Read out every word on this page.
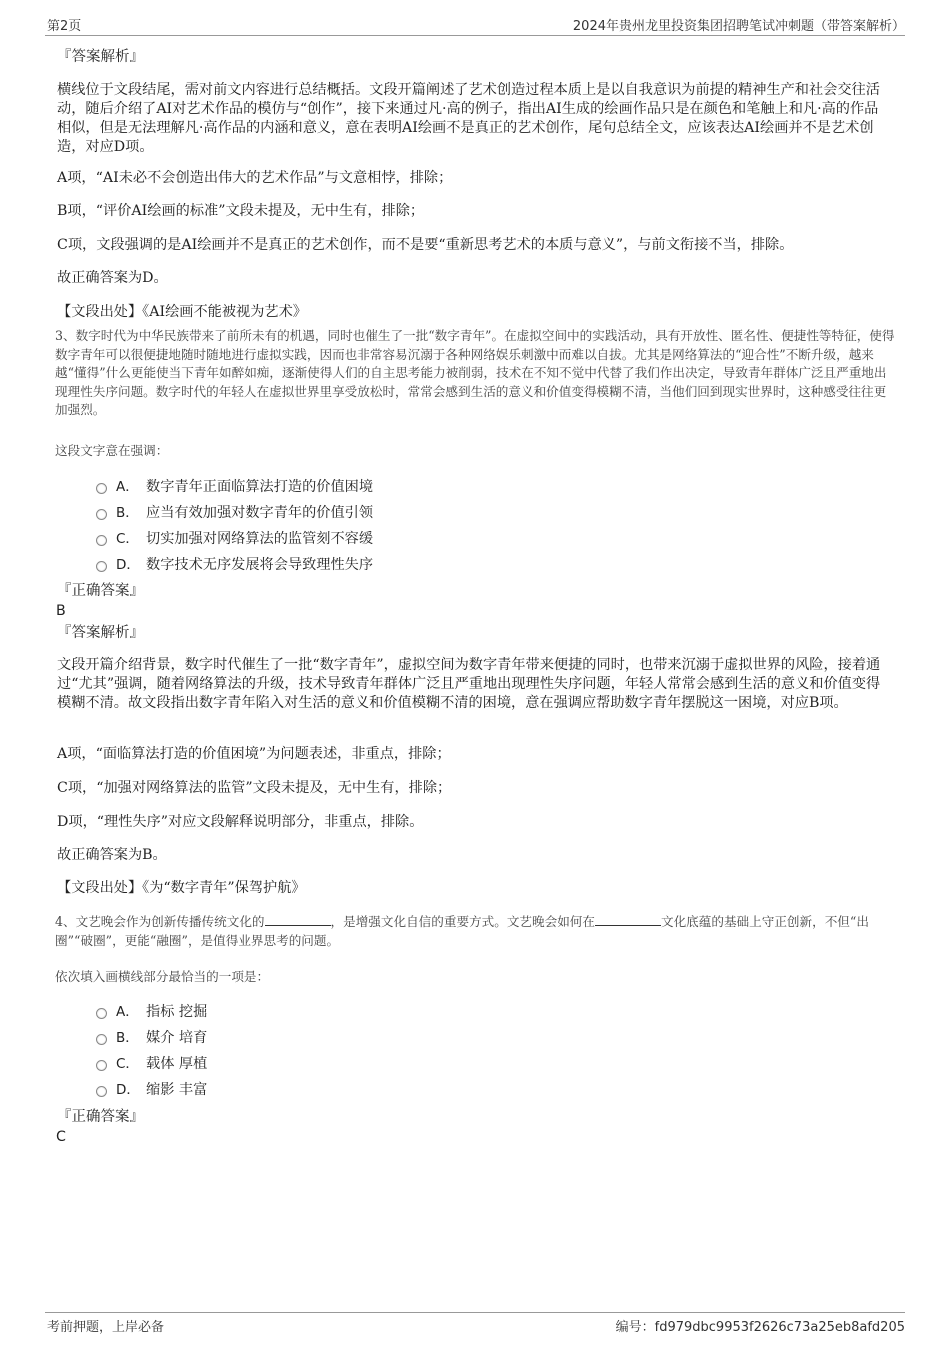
第2页	2024年贵州龙里投资集团招聘笔试冲刺题（带答案解析）
『答案解析』
横线位于文段结尾，需对前文内容进行总结概括。文段开篇阐述了艺术创造过程本质上是以自我意识为前提的精神生产和社会交往活动，随后介绍了AI对艺术作品的模仿与“创作”，接下来通过凡·高的例子，指出AI生成的绘画作品只是在颜色和笔触上和凡·高的作品相似，但是无法理解凡·高作品的内涵和意义，意在表明AI绘画不是真正的艺术创作，尾句总结全文，应该表达AI绘画并不是艺术创造，对应D项。
A项，“AI未必不会创造出伟大的艺术作品”与文意相悖，排除；
B项，“评价AI绘画的标准”文段未提及，无中生有，排除；
C项，文段强调的是AI绘画并不是真正的艺术创作，而不是要“重新思考艺术的本质与意义”，与前文衔接不当，排除。
故正确答案为D。
【文段出处】《AI绘画不能被视为艺术》
3、数字时代为中华民族带来了前所未有的机遇，同时也催生了一批“数字青年”。在虚拟空间中的实践活动，具有开放性、匿名性、便捷性等特征，使得数字青年可以很便捷地随时随地进行虚拟实践，因而也非常容易沉溺于各种网络娱乐刺激中而难以自拔。尤其是网络算法的“迎合性”不断升级，越来越“懂得”什么更能使当下青年如醉如痴，逐渐使得人们的自主思考能力被削弱，技术在不知不觉中代替了我们作出决定，导致青年群体广泛且严重地出现理性失序问题。数字时代的年轻人在虚拟世界里享受放松时，常常会感到生活的意义和价值变得模糊不清，当他们回到现实世界时，这种感受往往更加强烈。
这段文字意在强调：
A． 数字青年正面临算法打造的价值困境
B． 应当有效加强对数字青年的价值引领
C． 切实加强对网络算法的监管刻不容缓
D． 数字技术无序发展将会导致理性失序
『正确答案』
B
『答案解析』
文段开篇介绍背景，数字时代催生了一批“数字青年”，虚拟空间为数字青年带来便捷的同时，也带来沉溺于虚拟世界的风险，接着通过“尤其”强调，随着网络算法的升级，技术导致青年群体广泛且严重地出现理性失序问题，年轻人常常会感到生活的意义和价值变得模糊不清。故文段指出数字青年陷入对生活的意义和价值模糊不清的困境，意在强调应帮助数字青年摆脱这一困境，对应B项。
A项，“面临算法打造的价值困境”为问题表述，非重点，排除；
C项，“加强对网络算法的监管”文段未提及，无中生有，排除；
D项，“理性失序”对应文段解释说明部分，非重点，排除。
故正确答案为B。
【文段出处】《为“数字青年”保驾护航》
4、文艺晚会作为创新传播传统文化的	，是增强文化自信的重要方式。文艺晚会如何在	文化底蕴的基础上守正创新，不但“出圈”“破圈”，更能“融圈”，是值得业界思考的问题。
依次填入画横线部分最恰当的一项是：
A． 指标 挖掘
B． 媒介 培育
C． 载体 厚植
D． 缩影 丰富
『正确答案』
C
考前押题，上岸必备	编号：fd979dbc9953f2626c73a25eb8afd205
